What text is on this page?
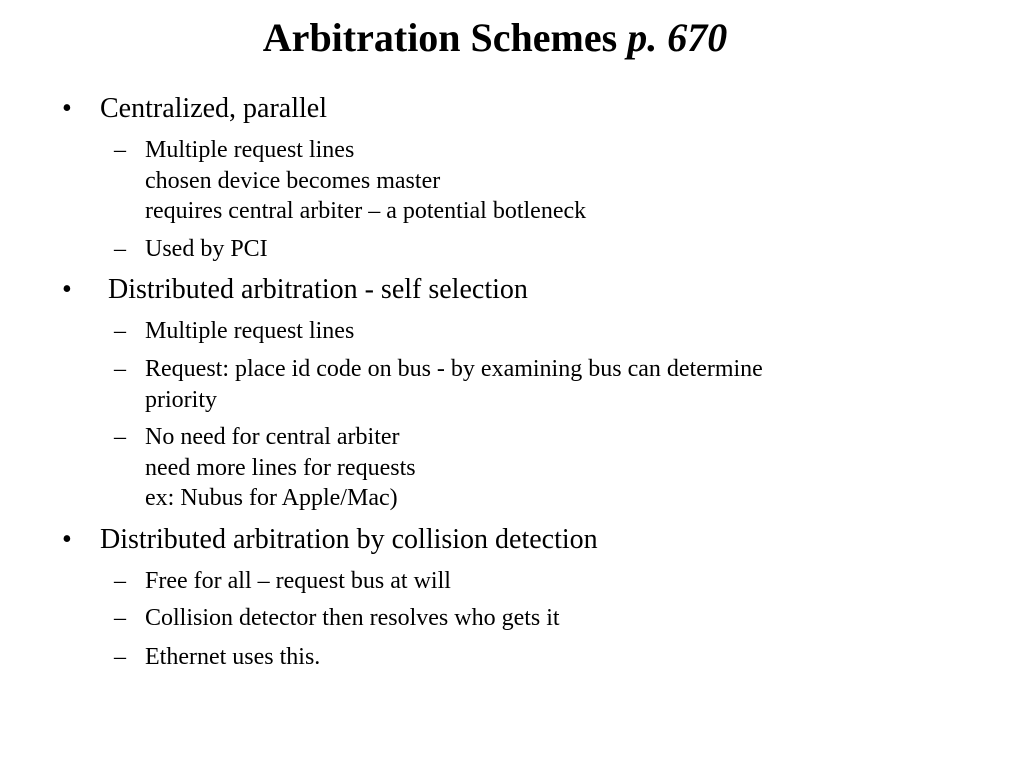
Arbitration Schemes p. 670
• Centralized, parallel
– Multiple request lines
chosen device becomes master
requires central arbiter – a potential botleneck
– Used by PCI
• Distributed arbitration - self selection
– Multiple request lines
– Request: place id code on bus - by examining bus can determine
priority
– No need for central arbiter
need more lines for requests
ex: Nubus for Apple/Mac)
• Distributed arbitration by collision detection
– Free for all – request bus at will
– Collision detector then resolves who gets it
– Ethernet uses this.
